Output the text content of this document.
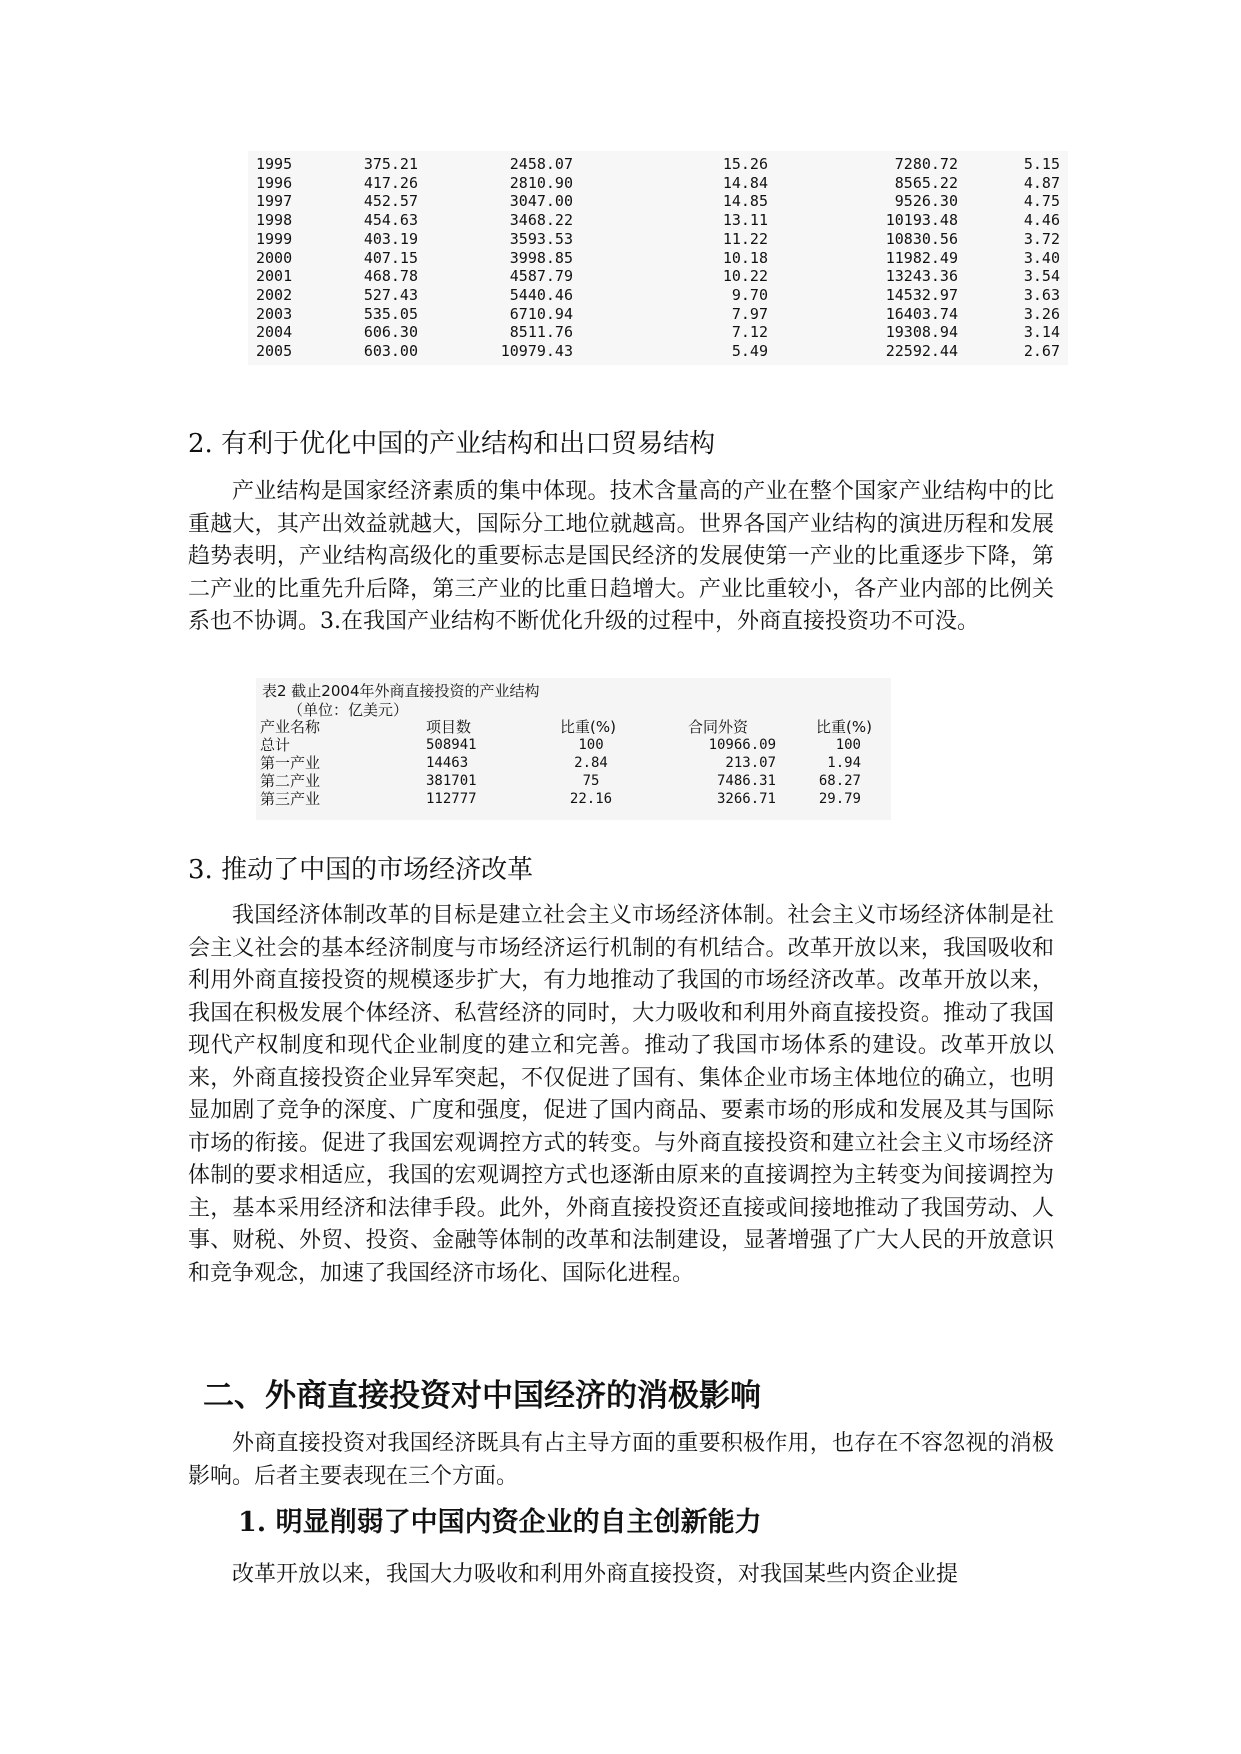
1995	375.21	2458.07	15.26	7280.72	5.15
1996	417.26	2810.90	14.84	8565.22	4.87
1997	452.57	3047.00	14.85	9526.30	4.75
1998	454.63	3468.22	13.11	10193.48	4.46
1999	403.19	3593.53	11.22	10830.56	3.72
2000	407.15	3998.85	10.18	11982.49	3.40
2001	468.78	4587.79	10.22	13243.36	3.54
2002	527.43	5440.46	9.70	14532.97	3.63
2003	535.05	6710.94	7.97	16403.74	3.26
2004	606.30	8511.76	7.12	19308.94	3.14
2005	603.00	10979.43	5.49	22592.44	2.67
2. 有利于优化中国的产业结构和出口贸易结构

产业结构是国家经济素质的集中体现。技术含量高的产业在整个国家产业结构中的比重越大，其产出效益就越大，国际分工地位就越高。世界各国产业结构的演进历程和发展趋势表明，产业结构高级化的重要标志是国民经济的发展使第一产业的比重逐步下降，第二产业的比重先升后降，第三产业的比重日趋增大。产业比重较小，各产业内部的比例关系也不协调。3.在我国产业结构不断优化升级的过程中，外商直接投资功不可没。

表2 截止2004年外商直接投资的产业结构
（单位：亿美元）
产业名称	项目数	比重(%)	合同外资	比重(%)
总计	508941	100	10966.09	100
第一产业	14463	2.84	213.07	1.94
第二产业	381701	75	7486.31	68.27
第三产业	112777	22.16	3266.71	29.79
3. 推动了中国的市场经济改革

我国经济体制改革的目标是建立社会主义市场经济体制。社会主义市场经济体制是社会主义社会的基本经济制度与市场经济运行机制的有机结合。改革开放以来，我国吸收和利用外商直接投资的规模逐步扩大，有力地推动了我国的市场经济改革。改革开放以来，我国在积极发展个体经济、私营经济的同时，大力吸收和利用外商直接投资。推动了我国现代产权制度和现代企业制度的建立和完善。推动了我国市场体系的建设。改革开放以来，外商直接投资企业异军突起，不仅促进了国有、集体企业市场主体地位的确立，也明显加剧了竞争的深度、广度和强度，促进了国内商品、要素市场的形成和发展及其与国际市场的衔接。促进了我国宏观调控方式的转变。与外商直接投资和建立社会主义市场经济体制的要求相适应，我国的宏观调控方式也逐渐由原来的直接调控为主转变为间接调控为主，基本采用经济和法律手段。此外，外商直接投资还直接或间接地推动了我国劳动、人事、财税、外贸、投资、金融等体制的改革和法制建设，显著增强了广大人民的开放意识和竞争观念，加速了我国经济市场化、国际化进程。

二、外商直接投资对中国经济的消极影响

外商直接投资对我国经济既具有占主导方面的重要积极作用，也存在不容忽视的消极影响。后者主要表现在三个方面。

1. 明显削弱了中国内资企业的自主创新能力

改革开放以来，我国大力吸收和利用外商直接投资，对我国某些内资企业提
